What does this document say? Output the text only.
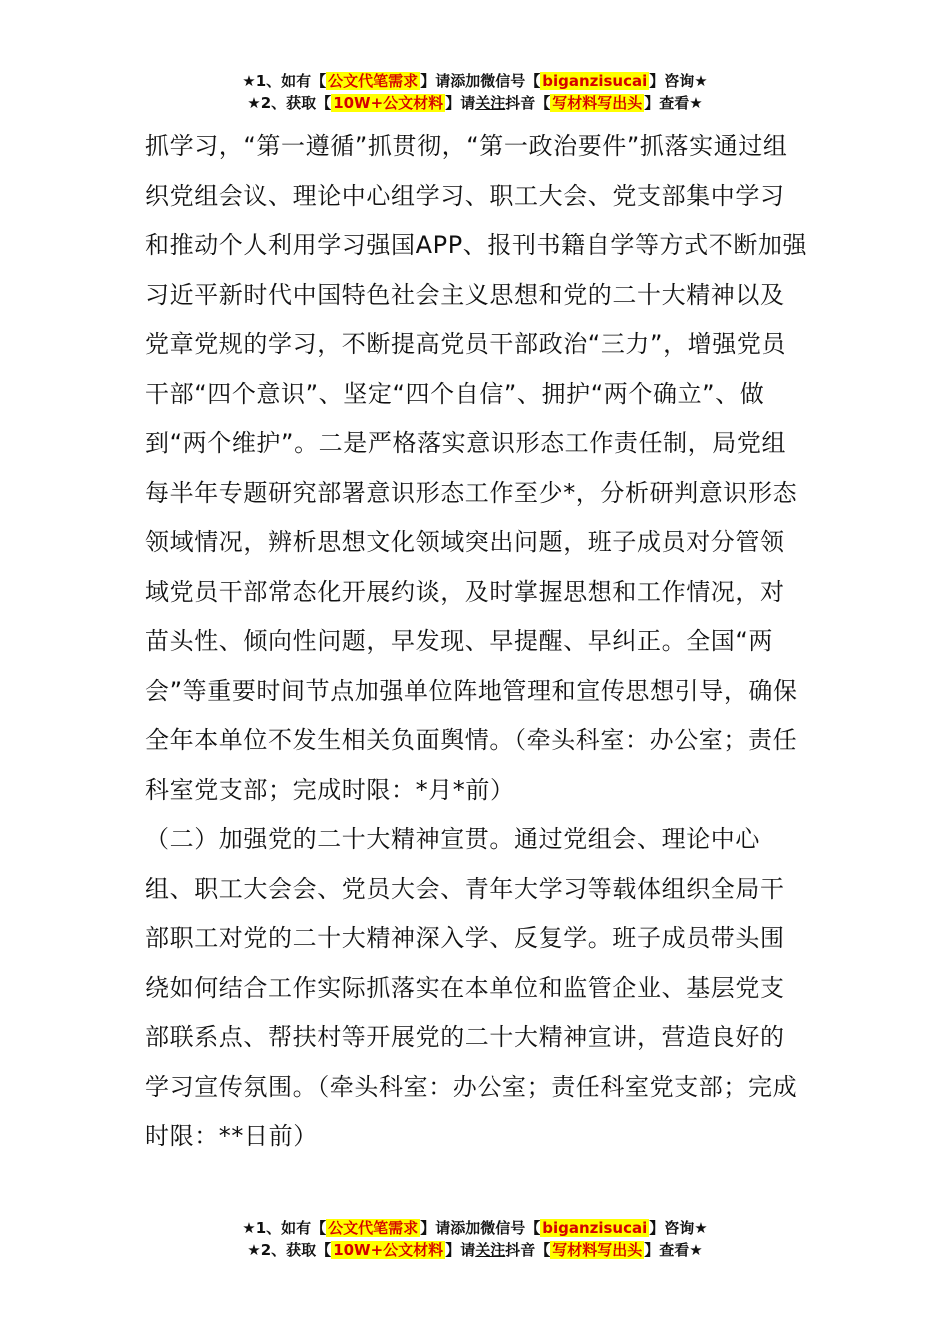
★1、如有【 公文代笔需求 】请添加微信号【 biganzisucai 】咨询★
★2、获取【 10W+公文材料 】请关注抖音【 写材料写出头 】查看★

抓学习，“第一遵循”抓贯彻，“第一政治要件”抓落实通过组织党组会议、理论中心组学习、职工大会、党支部集中学习和推动个人利用学习强国APP、报刊书籍自学等方式不断加强习近平新时代中国特色社会主义思想和党的二十大精神以及党章党规的学习，不断提高党员干部政治“三力”，增强党员干部“四个意识”、坚定“四个自信”、拥护“两个确立”、做到“两个维护”。二是严格落实意识形态工作责任制，局党组每半年专题研究部署意识形态工作至少*，分析研判意识形态领域情况，辨析思想文化领域突出问题，班子成员对分管领域党员干部常态化开展约谈，及时掌握思想和工作情况，对苗头性、倾向性问题，早发现、早提醒、早纠正。全国“两会”等重要时间节点加强单位阵地管理和宣传思想引导，确保全年本单位不发生相关负面舆情。（牵头科室：办公室；责任科室党支部；完成时限：*月*前）

（二）加强党的二十大精神宣贯。通过党组会、理论中心组、职工大会会、党员大会、青年大学习等载体组织全局干部职工对党的二十大精神深入学、反复学。班子成员带头围绕如何结合工作实际抓落实在本单位和监管企业、基层党支部联系点、帮扶村等开展党的二十大精神宣讲，营造良好的学习宣传氛围。（牵头科室：办公室；责任科室党支部；完成时限：**日前）

★1、如有【 公文代笔需求 】请添加微信号【 biganzisucai 】咨询★
★2、获取【 10W+公文材料 】请关注抖音【 写材料写出头 】查看★
